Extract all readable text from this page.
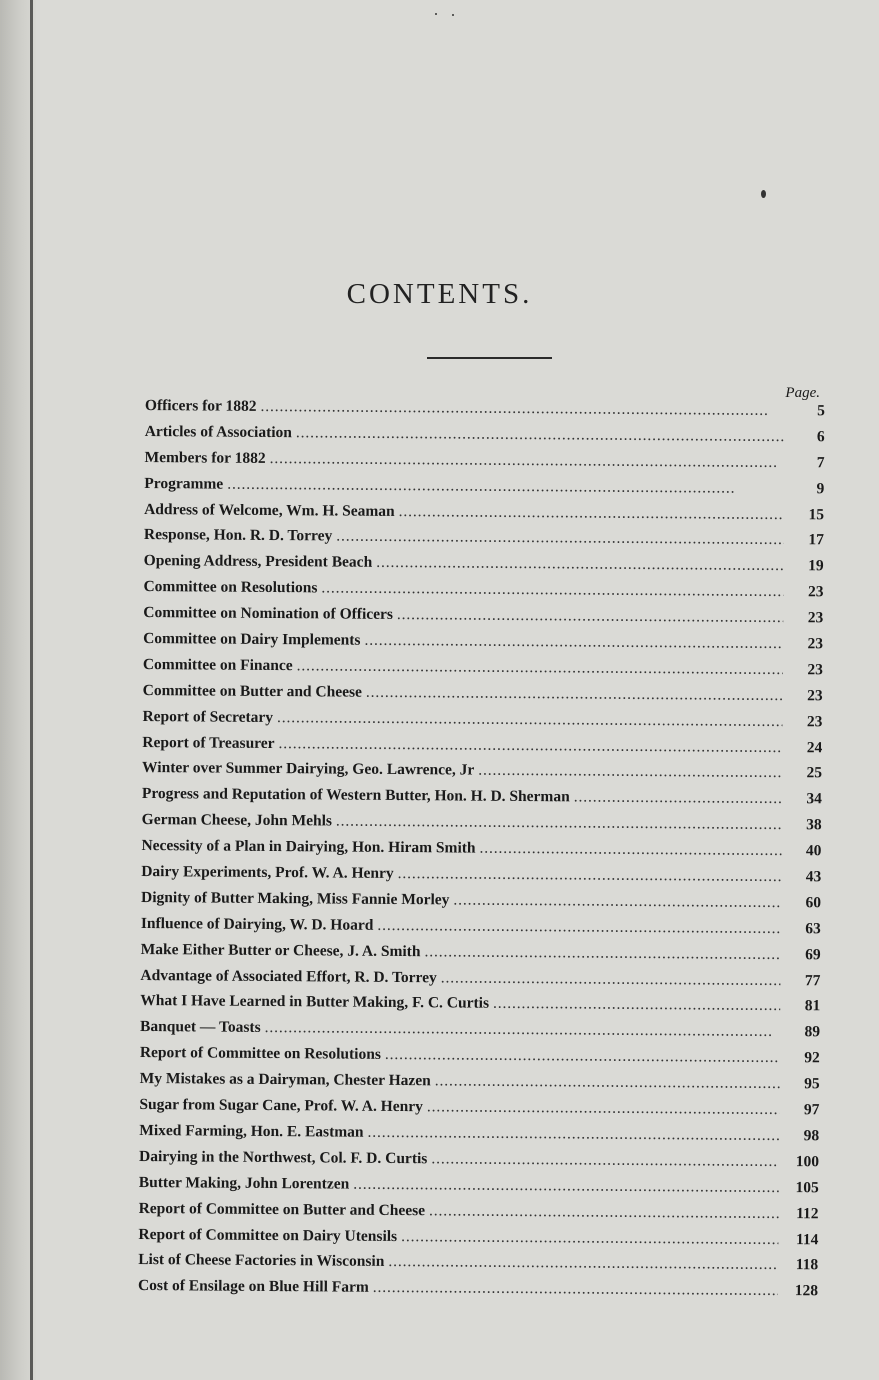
CONTENTS.
Page.
Officers for 1882 . . .	5
Articles of Association . . .	6
Members for 1882 . . .	7
Programme . . .	9
Address of Welcome, Wm. H. Seaman . . .	15
Response, Hon. R. D. Torrey . . .	17
Opening Address, President Beach . . .	19
Committee on Resolutions . . .	23
Committee on Nomination of Officers . . .	23
Committee on Dairy Implements . . .	23
Committee on Finance . . .	23
Committee on Butter and Cheese . . .	23
Report of Secretary . . .	23
Report of Treasurer . . .	24
Winter over Summer Dairying, Geo. Lawrence, Jr . . .	25
Progress and Reputation of Western Butter, Hon. H. D. Sherman . . .	34
German Cheese, John Mehls . . .	38
Necessity of a Plan in Dairying, Hon. Hiram Smith . . .	40
Dairy Experiments, Prof. W. A. Henry . . .	43
Dignity of Butter Making, Miss Fannie Morley . . .	60
Influence of Dairying, W. D. Hoard . . .	63
Make Either Butter or Cheese, J. A. Smith . . .	69
Advantage of Associated Effort, R. D. Torrey . . .	77
What I Have Learned in Butter Making, F. C. Curtis . . .	81
Banquet — Toasts . . .	89
Report of Committee on Resolutions . . .	92
My Mistakes as a Dairyman, Chester Hazen . . .	95
Sugar from Sugar Cane, Prof. W. A. Henry . . .	97
Mixed Farming, Hon. E. Eastman . . .	98
Dairying in the Northwest, Col. F. D. Curtis . . .	100
Butter Making, John Lorentzen . . .	105
Report of Committee on Butter and Cheese . . .	112
Report of Committee on Dairy Utensils . . .	114
List of Cheese Factories in Wisconsin . . .	118
Cost of Ensilage on Blue Hill Farm . . .	128
